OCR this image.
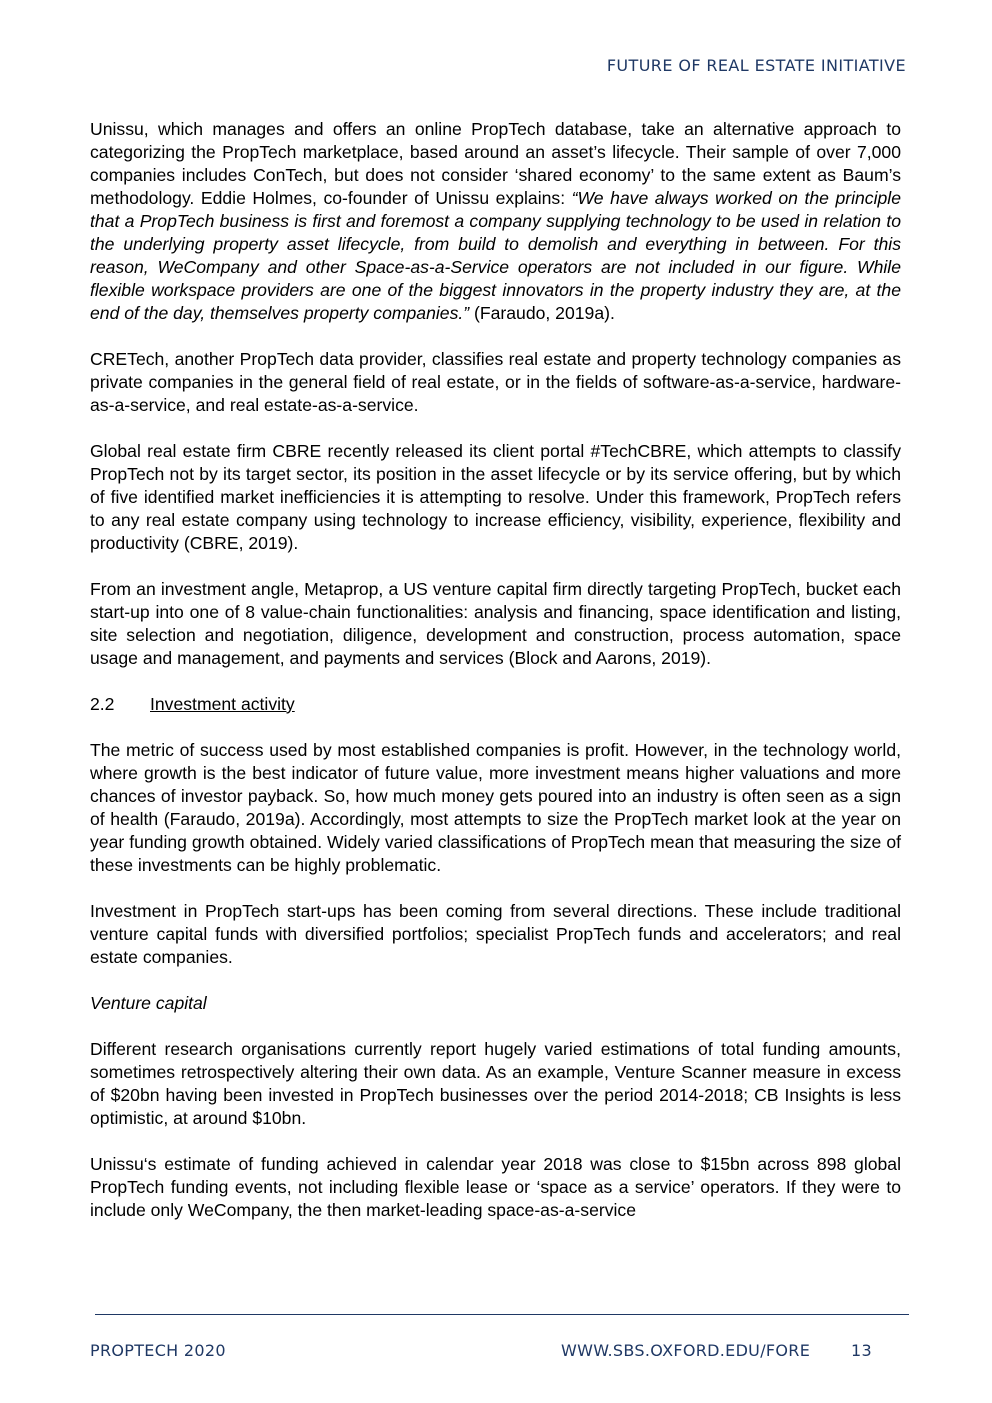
FUTURE OF REAL ESTATE INITIATIVE

Unissu, which manages and offers an online PropTech database, take an alternative approach to categorizing the PropTech marketplace, based around an asset’s lifecycle. Their sample of over 7,000 companies includes ConTech, but does not consider ‘shared economy’ to the same extent as Baum’s methodology. Eddie Holmes, co-founder of Unissu explains: “We have always worked on the principle that a PropTech business is first and foremost a company supplying technology to be used in relation to the underlying property asset lifecycle, from build to demolish and everything in between. For this reason, WeCompany and other Space-as-a-Service operators are not included in our figure. While flexible workspace providers are one of the biggest innovators in the property industry they are, at the end of the day, themselves property companies.” (Faraudo, 2019a).

CRETech, another PropTech data provider, classifies real estate and property technology companies as private companies in the general field of real estate, or in the fields of software-as-a-service, hardware-as-a-service, and real estate-as-a-service.

Global real estate firm CBRE recently released its client portal #TechCBRE, which attempts to classify PropTech not by its target sector, its position in the asset lifecycle or by its service offering, but by which of five identified market inefficiencies it is attempting to resolve. Under this framework, PropTech refers to any real estate company using technology to increase efficiency, visibility, experience, flexibility and productivity (CBRE, 2019).

From an investment angle, Metaprop, a US venture capital firm directly targeting PropTech, bucket each start-up into one of 8 value-chain functionalities: analysis and financing, space identification and listing, site selection and negotiation, diligence, development and construction, process automation, space usage and management, and payments and services (Block and Aarons, 2019).

2.2 Investment activity

The metric of success used by most established companies is profit. However, in the technology world, where growth is the best indicator of future value, more investment means higher valuations and more chances of investor payback. So, how much money gets poured into an industry is often seen as a sign of health (Faraudo, 2019a). Accordingly, most attempts to size the PropTech market look at the year on year funding growth obtained. Widely varied classifications of PropTech mean that measuring the size of these investments can be highly problematic.

Investment in PropTech start-ups has been coming from several directions. These include traditional venture capital funds with diversified portfolios; specialist PropTech funds and accelerators; and real estate companies.

Venture capital

Different research organisations currently report hugely varied estimations of total funding amounts, sometimes retrospectively altering their own data. As an example, Venture Scanner measure in excess of $20bn having been invested in PropTech businesses over the period 2014-2018; CB Insights is less optimistic, at around $10bn.

Unissu‘s estimate of funding achieved in calendar year 2018 was close to $15bn across 898 global PropTech funding events, not including flexible lease or ‘space as a service’ operators. If they were to include only WeCompany, the then market-leading space-as-a-service

PROPTECH 2020	WWW.SBS.OXFORD.EDU/FORE	13
